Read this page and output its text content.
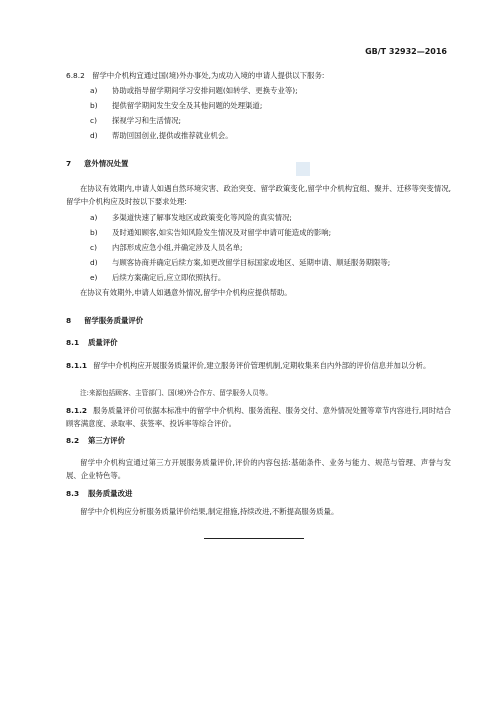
GB/T 32932—2016
6.8.2 留学中介机构宜通过国(境)外办事处,为成功入境的申请人提供以下服务:
a) 协助或指导留学期间学习安排问题(如转学、更换专业等);
b) 提供留学期间发生安全及其他问题的处理渠道;
c) 探视学习和生活情况;
d) 帮助回国创业,提供或推荐就业机会。
7 意外情况处置
在协议有效期内,申请人如遇自然环境灾害、政治突变、留学政策变化,留学中介机构宜组、聚并、迁移等突变情况,留学中介机构应及时按以下要求处理:
a) 多渠道快速了解事发地区或政策变化等风险的真实情况;
b) 及时通知顾客,如实告知风险发生情况及对留学申请可能造成的影响;
c) 内部形成应急小组,并确定涉及人员名单;
d) 与顾客协商并确定后续方案,如更改留学目标国家或地区、延期申请、顺延服务期限等;
e) 后续方案确定后,应立即依照执行。
在协议有效期外,申请人如遇意外情况,留学中介机构应提供帮助。
8 留学服务质量评价
8.1 质量评价
8.1.1 留学中介机构应开展服务质量评价,建立服务评价管理机制,定期收集来自内外部的评价信息并加以分析。
注:来源包括顾客、主管部门、国(境)外合作方、留学服务人员等。
8.1.2 服务质量评价可依据本标准中的留学中介机构、服务流程、服务交付、意外情况处置等章节内容进行,同时结合顾客满意度、录取率、获签率、投诉率等综合评价。
8.2 第三方评价
留学中介机构宜通过第三方开展服务质量评价,评价的内容包括:基础条件、业务与能力、规范与管理、声誉与发展、企业特色等。
8.3 服务质量改进
留学中介机构应分析服务质量评价结果,制定措施,持续改进,不断提高服务质量。
